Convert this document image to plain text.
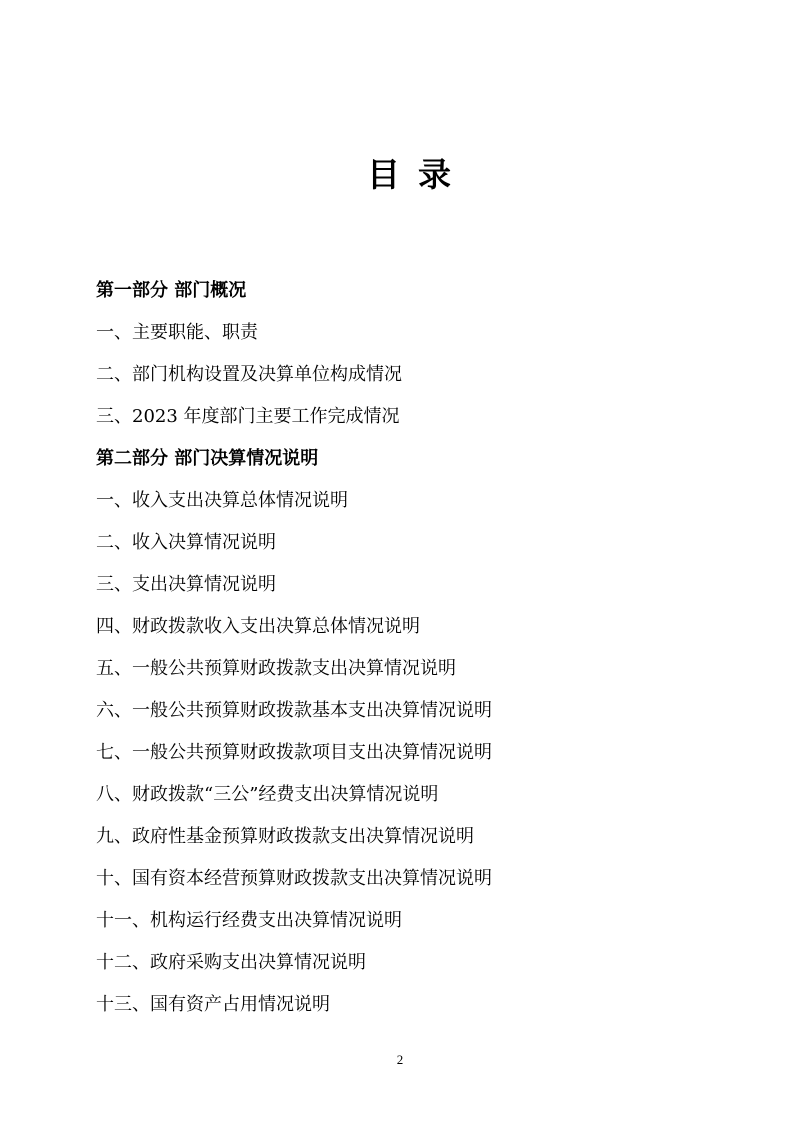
目录
第一部分 部门概况
一、主要职能、职责
二、部门机构设置及决算单位构成情况
三、2023 年度部门主要工作完成情况
第二部分 部门决算情况说明
一、收入支出决算总体情况说明
二、收入决算情况说明
三、支出决算情况说明
四、财政拨款收入支出决算总体情况说明
五、一般公共预算财政拨款支出决算情况说明
六、一般公共预算财政拨款基本支出决算情况说明
七、一般公共预算财政拨款项目支出决算情况说明
八、财政拨款“三公”经费支出决算情况说明
九、政府性基金预算财政拨款支出决算情况说明
十、国有资本经营预算财政拨款支出决算情况说明
十一、机构运行经费支出决算情况说明
十二、政府采购支出决算情况说明
十三、国有资产占用情况说明
2
